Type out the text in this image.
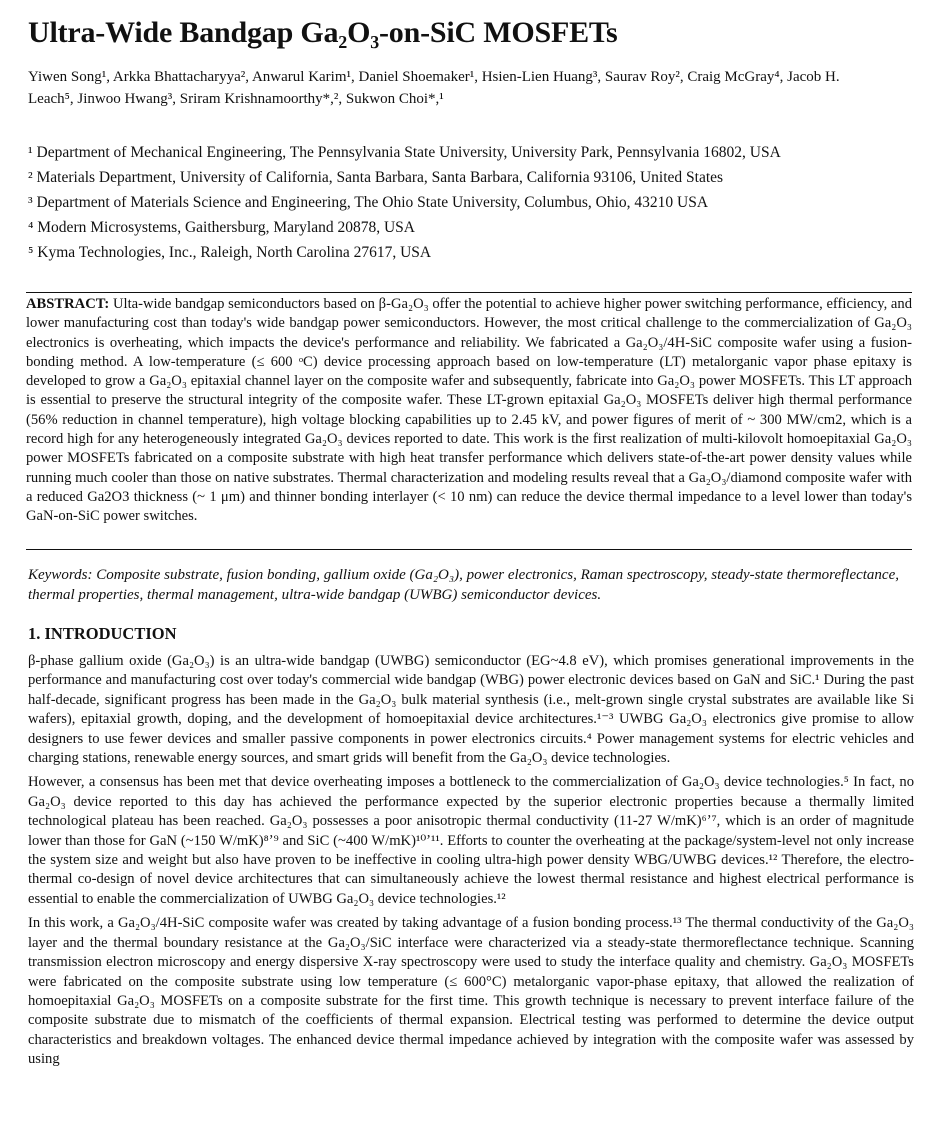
Ultra-Wide Bandgap Ga₂O₃-on-SiC MOSFETs
Yiwen Song¹, Arkka Bhattacharyya², Anwarul Karim¹, Daniel Shoemaker¹, Hsien-Lien Huang³, Saurav Roy², Craig McGray⁴, Jacob H. Leach⁵, Jinwoo Hwang³, Sriram Krishnamoorthy*,², Sukwon Choi*,¹
¹ Department of Mechanical Engineering, The Pennsylvania State University, University Park, Pennsylvania 16802, USA
² Materials Department, University of California, Santa Barbara, Santa Barbara, California 93106, United States
³ Department of Materials Science and Engineering, The Ohio State University, Columbus, Ohio, 43210 USA
⁴ Modern Microsystems, Gaithersburg, Maryland 20878, USA
⁵ Kyma Technologies, Inc., Raleigh, North Carolina 27617, USA
ABSTRACT: Ulta-wide bandgap semiconductors based on β-Ga₂O₃ offer the potential to achieve higher power switching performance, efficiency, and lower manufacturing cost than today's wide bandgap power semiconductors. However, the most critical challenge to the commercialization of Ga₂O₃ electronics is overheating, which impacts the device's performance and reliability. We fabricated a Ga₂O₃/4H-SiC composite wafer using a fusion-bonding method. A low-temperature (≤ 600 ᵒC) device processing approach based on low-temperature (LT) metalorganic vapor phase epitaxy is developed to grow a Ga₂O₃ epitaxial channel layer on the composite wafer and subsequently, fabricate into Ga₂O₃ power MOSFETs. This LT approach is essential to preserve the structural integrity of the composite wafer. These LT-grown epitaxial Ga₂O₃ MOSFETs deliver high thermal performance (56% reduction in channel temperature), high voltage blocking capabilities up to 2.45 kV, and power figures of merit of ~ 300 MW/cm2, which is a record high for any heterogeneously integrated Ga₂O₃ devices reported to date. This work is the first realization of multi-kilovolt homoepitaxial Ga₂O₃ power MOSFETs fabricated on a composite substrate with high heat transfer performance which delivers state-of-the-art power density values while running much cooler than those on native substrates. Thermal characterization and modeling results reveal that a Ga₂O₃/diamond composite wafer with a reduced Ga2O3 thickness (~ 1 μm) and thinner bonding interlayer (< 10 nm) can reduce the device thermal impedance to a level lower than today's GaN-on-SiC power switches.
Keywords: Composite substrate, fusion bonding, gallium oxide (Ga₂O₃), power electronics, Raman spectroscopy, steady-state thermoreflectance, thermal properties, thermal management, ultra-wide bandgap (UWBG) semiconductor devices.
1. INTRODUCTION

β-phase gallium oxide (Ga₂O₃) is an ultra-wide bandgap (UWBG) semiconductor (EG~4.8 eV), which promises generational improvements in the performance and manufacturing cost over today's commercial wide bandgap (WBG) power electronic devices based on GaN and SiC.¹ During the past half-decade, significant progress has been made in the Ga₂O₃ bulk material synthesis (i.e., melt-grown single crystal substrates are available like Si wafers), epitaxial growth, doping, and the development of homoepitaxial device architectures.¹⁻³ UWBG Ga₂O₃ electronics give promise to allow designers to use fewer devices and smaller passive components in power electronics circuits.⁴ Power management systems for electric vehicles and charging stations, renewable energy sources, and smart grids will benefit from the Ga₂O₃ device technologies.

However, a consensus has been met that device overheating imposes a bottleneck to the commercialization of Ga₂O₃ device technologies.⁵ In fact, no Ga₂O₃ device reported to this day has achieved the performance expected by the superior electronic properties because a thermally limited technological plateau has been reached. Ga₂O₃ possesses a poor anisotropic thermal conductivity (11-27 W/mK)⁶ʼ⁷, which is an order of magnitude lower than those for GaN (~150 W/mK)⁸ʼ⁹ and SiC (~400 W/mK)¹⁰ʼ¹¹. Efforts to counter the overheating at the package/system-level not only increase the system size and weight but also have proven to be ineffective in cooling ultra-high power density WBG/UWBG devices.¹² Therefore, the electro-thermal co-design of novel device architectures that can simultaneously achieve the lowest thermal resistance and highest electrical performance is essential to enable the commercialization of UWBG Ga₂O₃ device technologies.¹²

In this work, a Ga₂O₃/4H-SiC composite wafer was created by taking advantage of a fusion bonding process.¹³ The thermal conductivity of the Ga₂O₃ layer and the thermal boundary resistance at the Ga₂O₃/SiC interface were characterized via a steady-state thermoreflectance technique. Scanning transmission electron microscopy and energy dispersive X-ray spectroscopy were used to study the interface quality and chemistry. Ga₂O₃ MOSFETs were fabricated on the composite substrate using low temperature (≤ 600°C) metalorganic vapor-phase epitaxy, that allowed the realization of homoepitaxial Ga₂O₃ MOSFETs on a composite substrate for the first time. This growth technique is necessary to prevent interface failure of the composite substrate due to mismatch of the coefficients of thermal expansion. Electrical testing was performed to determine the device output characteristics and breakdown voltages. The enhanced device thermal impedance achieved by integration with the composite wafer was assessed by using
